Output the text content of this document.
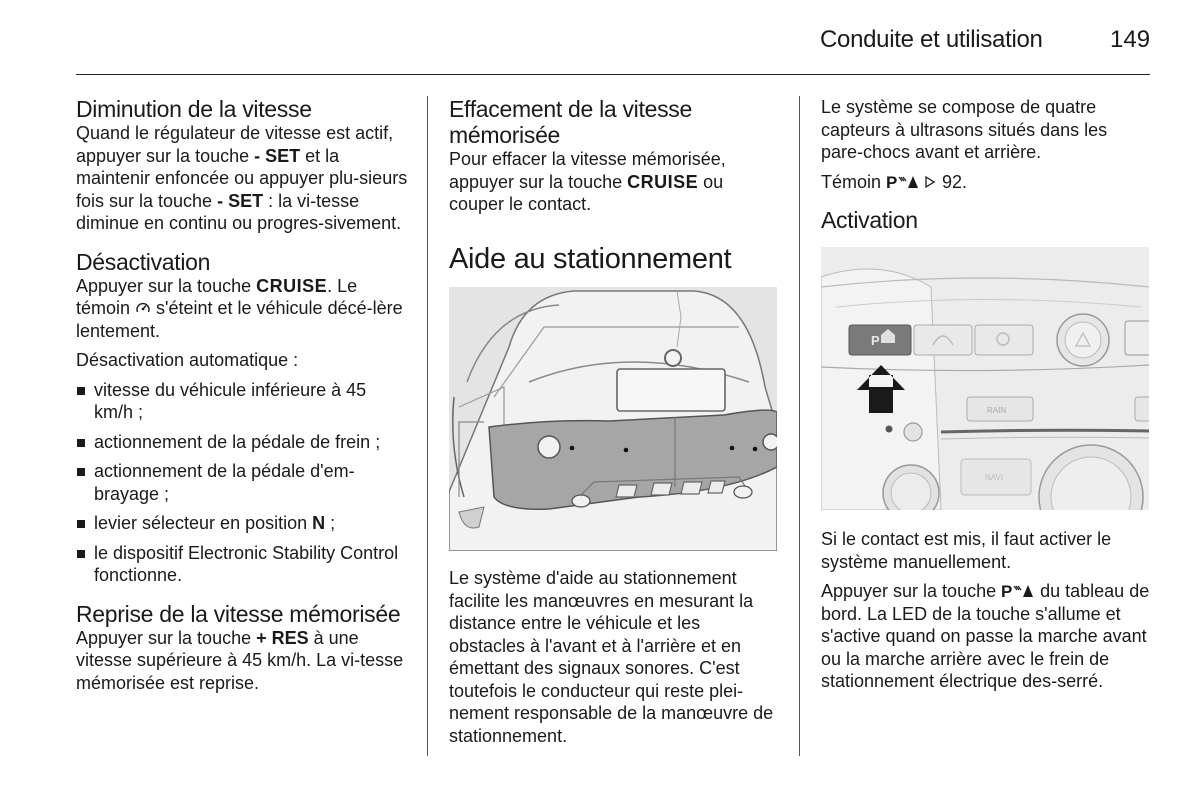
Conduite et utilisation	149
Diminution de la vitesse

Quand le régulateur de vitesse est actif, appuyer sur la touche - SET et la maintenir enfoncée ou appuyer plu-sieurs fois sur la touche - SET : la vi-tesse diminue en continu ou progres-sivement.

Désactivation

Appuyer sur la touche CRUISE. Le témoin  s'éteint et le véhicule décé-lère lentement.

Désactivation automatique :

vitesse du véhicule inférieure à 45 km/h ;
actionnement de la pédale de frein ;
actionnement de la pédale d'em-brayage ;
levier sélecteur en position N ;
le dispositif Electronic Stability Control fonctionne.
Reprise de la vitesse mémorisée

Appuyer sur la touche + RES à une vitesse supérieure à 45 km/h. La vi-tesse mémorisée est reprise.

Effacement de la vitesse mémorisée

Pour effacer la vitesse mémorisée, appuyer sur la touche CRUISE ou couper le contact.

Aide au stationnement

Le système d'aide au stationnement facilite les manœuvres en mesurant la distance entre le véhicule et les obstacles à l'avant et à l'arrière et en émettant des signaux sonores. C'est toutefois le conducteur qui reste plei-nement responsable de la manœuvre de stationnement.

Le système se compose de quatre capteurs à ultrasons situés dans les pare-chocs avant et arrière.

Témoin P 92.

Activation
P
RAIN
NAVI

Si le contact est mis, il faut activer le système manuellement.

Appuyer sur la touche P du tableau de bord. La LED de la touche s'allume et s'active quand on passe la marche avant ou la marche arrière avec le frein de stationnement électrique des-serré.
